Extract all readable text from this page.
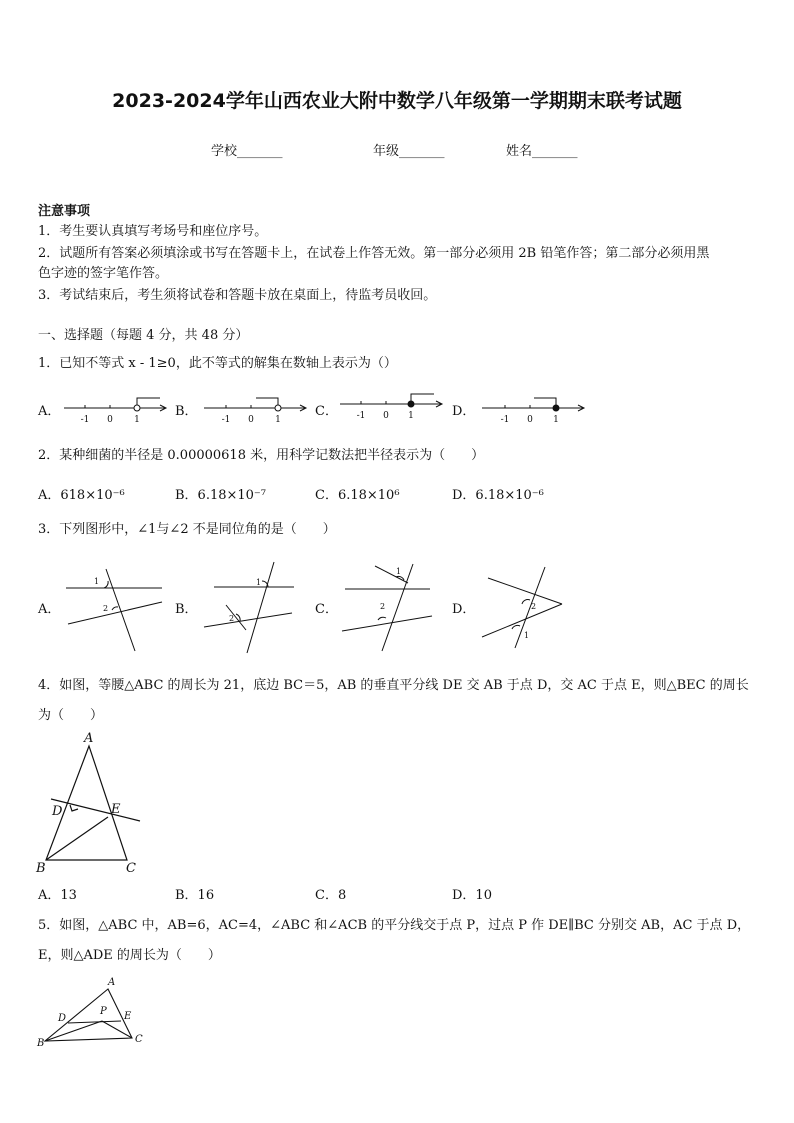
2023-2024学年山西农业大附中数学八年级第一学期期末联考试题
学校_______	年级_______	姓名_______
注意事项
1．考生要认真填写考场号和座位序号。
2．试题所有答案必须填涂或书写在答题卡上，在试卷上作答无效。第一部分必须用 2B 铅笔作答；第二部分必须用黑
色字迹的签字笔作答。
3．考试结束后，考生须将试卷和答题卡放在桌面上，待监考员收回。
一、选择题（每题 4 分，共 48 分）
1．已知不等式 x - 1≥0，此不等式的解集在数轴上表示为（）
A．	B．	C．	D．
-1 0 1	-1 0 1	-1 0 1	-1 0 1
2．某种细菌的半径是 0.00000618 米，用科学记数法把半径表示为（　　）
A．618×10⁻⁶	B．6.18×10⁻⁷	C．6.18×10⁶	D．6.18×10⁻⁶
3．下列图形中，∠1与∠2 不是同位角的是（　　）
A．	B．	C．	D．
1
2
1
2
1
2	2
1
4．如图，等腰△ABC 的周长为 21，底边 BC＝5，AB 的垂直平分线 DE 交 AB 于点 D，交 AC 于点 E，则△BEC 的周长
为（　　）
A
B	C
D	E
A．13	B．16	C．8	D．10
5．如图，△ABC 中，AB=6，AC=4，∠ABC 和∠ACB 的平分线交于点 P，过点 P 作 DE∥BC 分别交 AB，AC 于点 D，
E，则△ADE 的周长为（　　）
A
B	C
D	E
P
